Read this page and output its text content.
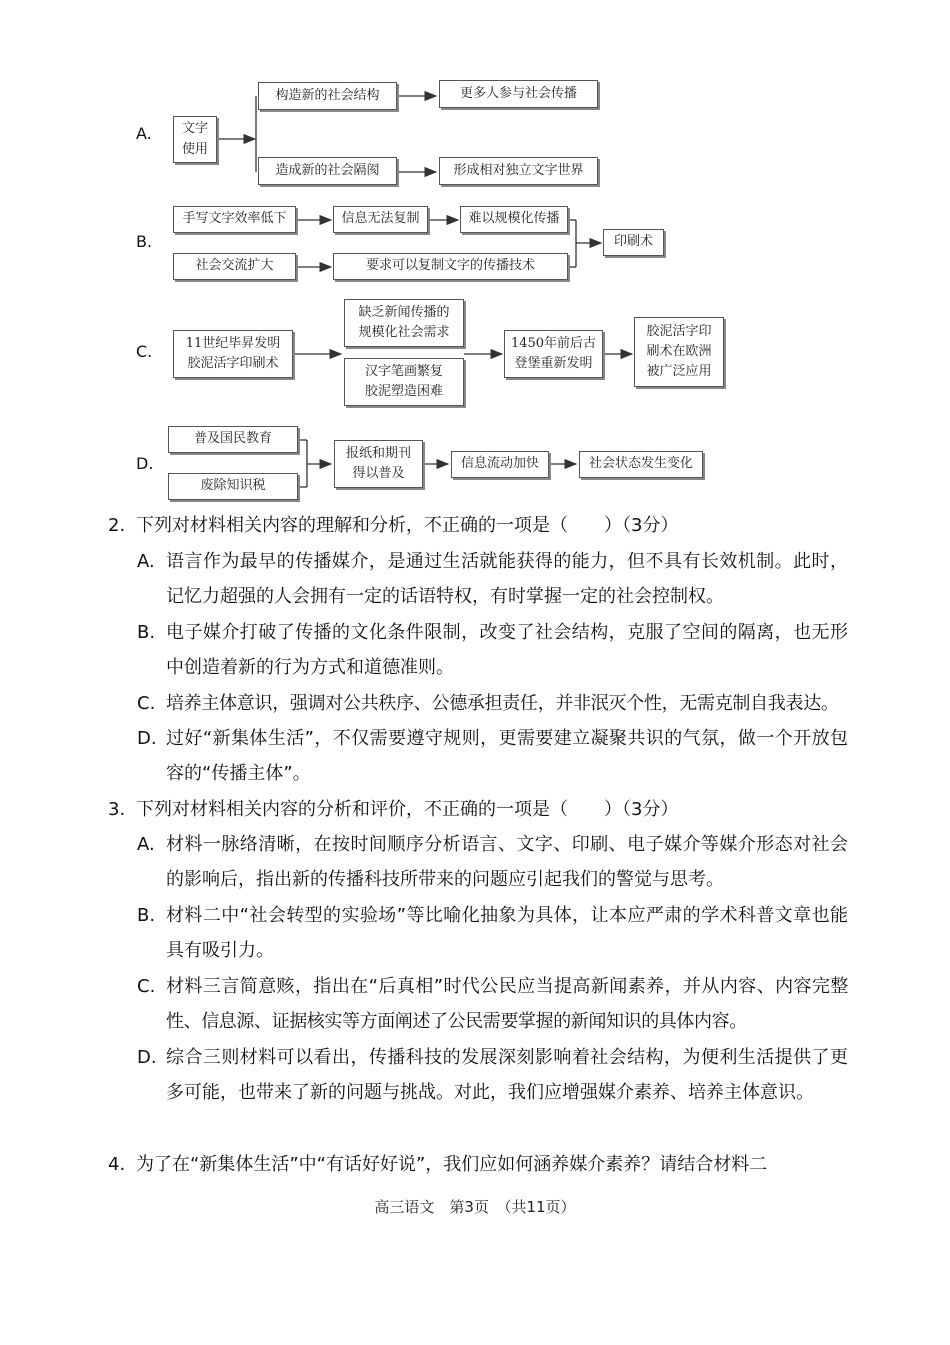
A.	文字
使用
构造新的社会结构	更多人参与社会传播
造成新的社会隔阂	形成相对独立文字世界
B.
手写文字效率低下	信息无法复制	难以规模化传播
印刷术
社会交流扩大	要求可以复制文字的传播技术
C.	11世纪毕昇发明
胶泥活字印刷术
缺乏新闻传播的
规模化社会需求
汉字笔画繁复
胶泥塑造困难
1450年前后古
登堡重新发明
胶泥活字印
刷术在欧洲
被广泛应用
D.
普及国民教育
废除知识税
报纸和期刊
得以普及
信息流动加快	社会状态发生变化
2. 下列对材料相关内容的理解和分析，不正确的一项是（　　）（3分）
A. 语言作为最早的传播媒介，是通过生活就能获得的能力，但不具有长效机制。此时，记忆力超强的人会拥有一定的话语特权，有时掌握一定的社会控制权。
B. 电子媒介打破了传播的文化条件限制，改变了社会结构，克服了空间的隔离，也无形中创造着新的行为方式和道德准则。
C. 培养主体意识，强调对公共秩序、公德承担责任，并非泯灭个性，无需克制自我表达。
D. 过好“新集体生活”，不仅需要遵守规则，更需要建立凝聚共识的气氛，做一个开放包容的“传播主体”。
3. 下列对材料相关内容的分析和评价，不正确的一项是（　　）（3分）
A. 材料一脉络清晰，在按时间顺序分析语言、文字、印刷、电子媒介等媒介形态对社会的影响后，指出新的传播科技所带来的问题应引起我们的警觉与思考。
B. 材料二中“社会转型的实验场”等比喻化抽象为具体，让本应严肃的学术科普文章也能具有吸引力。
C. 材料三言简意赅，指出在“后真相”时代公民应当提高新闻素养，并从内容、内容完整性、信息源、证据核实等方面阐述了公民需要掌握的新闻知识的具体内容。
D. 综合三则材料可以看出，传播科技的发展深刻影响着社会结构，为便利生活提供了更多可能，也带来了新的问题与挑战。对此，我们应增强媒介素养、培养主体意识。
4. 为了在“新集体生活”中“有话好好说”，我们应如何涵养媒介素养？请结合材料二
高三语文　第3页　（共11页）
